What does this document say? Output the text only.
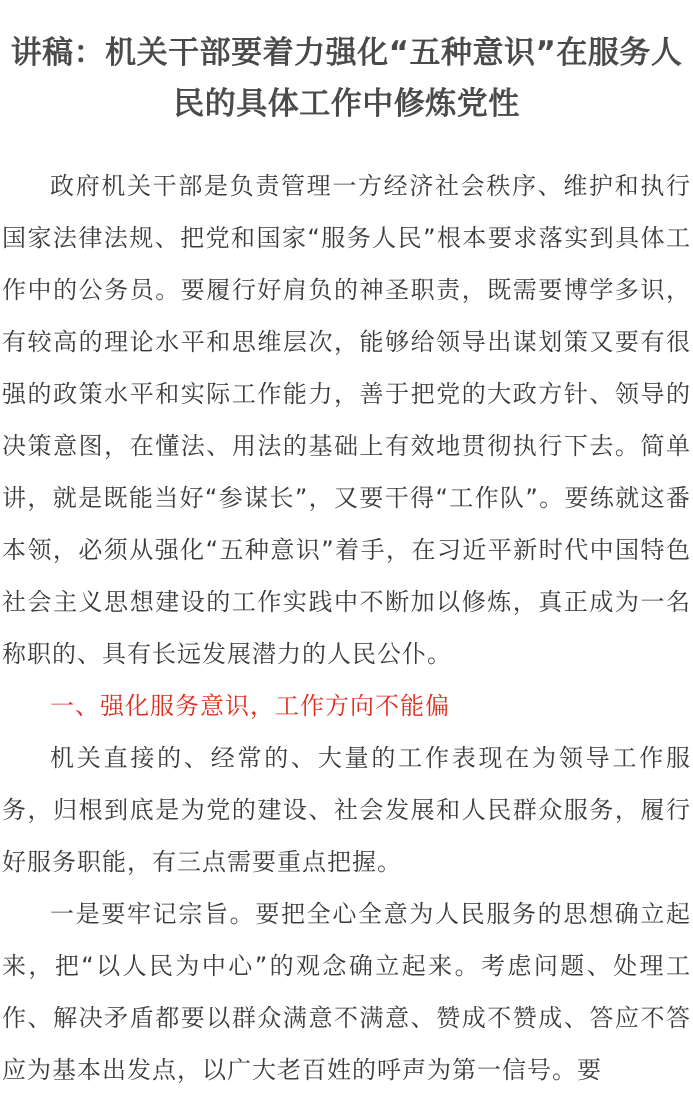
讲稿：机关干部要着力强化“五种意识”在服务人民的具体工作中修炼党性

政府机关干部是负责管理一方经济社会秩序、维护和执行国家法律法规、把党和国家“服务人民”根本要求落实到具体工作中的公务员。要履行好肩负的神圣职责，既需要博学多识，有较高的理论水平和思维层次，能够给领导出谋划策又要有很强的政策水平和实际工作能力，善于把党的大政方针、领导的决策意图，在懂法、用法的基础上有效地贯彻执行下去。简单讲，就是既能当好“参谋长”，又要干得“工作队”。要练就这番本领，必须从强化“五种意识”着手，在习近平新时代中国特色社会主义思想建设的工作实践中不断加以修炼，真正成为一名称职的、具有长远发展潜力的人民公仆。

一、强化服务意识，工作方向不能偏

机关直接的、经常的、大量的工作表现在为领导工作服务，归根到底是为党的建设、社会发展和人民群众服务，履行好服务职能，有三点需要重点把握。

一是要牢记宗旨。要把全心全意为人民服务的思想确立起来，把“以人民为中心”的观念确立起来。考虑问题、处理工作、解决矛盾都要以群众满意不满意、赞成不赞成、答应不答应为基本出发点，以广大老百姓的呼声为第一信号。要
